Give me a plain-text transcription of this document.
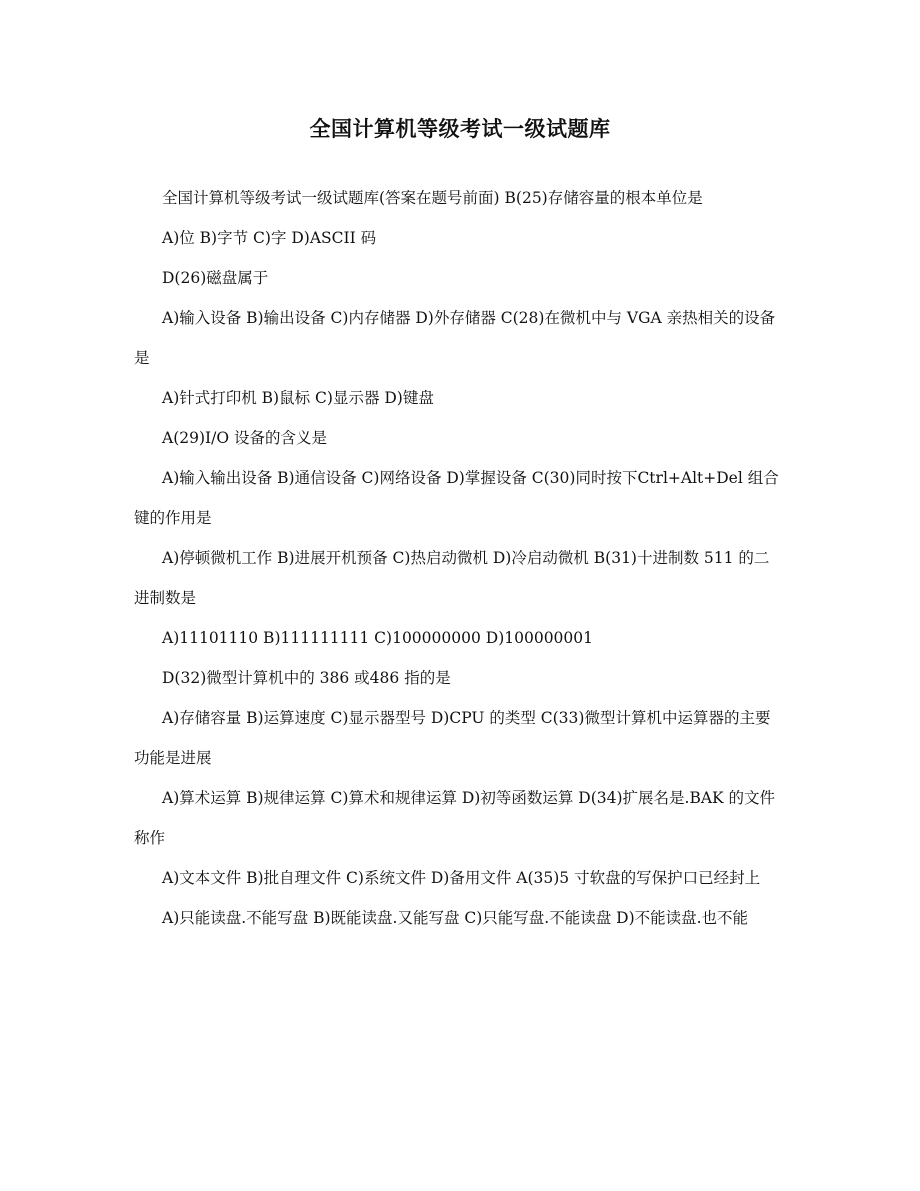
全国计算机等级考试一级试题库

全国计算机等级考试一级试题库(答案在题号前面) B(25)存储容量的根本单位是

A)位 B)字节 C)字 D)ASCII 码

D(26)磁盘属于

A)输入设备 B)输出设备 C)内存储器 D)外存储器 C(28)在微机中与 VGA 亲热相关的设备是

A)针式打印机 B)鼠标 C)显示器 D)键盘

A(29)I/O 设备的含义是

A)输入输出设备 B)通信设备 C)网络设备 D)掌握设备 C(30)同时按下Ctrl+Alt+Del 组合键的作用是

A)停顿微机工作 B)进展开机预备 C)热启动微机 D)冷启动微机 B(31)十进制数 511 的二进制数是

A)11101110 B)111111111 C)100000000 D)100000001

D(32)微型计算机中的 386 或486 指的是

A)存储容量 B)运算速度 C)显示器型号 D)CPU 的类型 C(33)微型计算机中运算器的主要功能是进展

A)算术运算 B)规律运算 C)算术和规律运算 D)初等函数运算 D(34)扩展名是.BAK 的文件称作

A)文本文件 B)批自理文件 C)系统文件 D)备用文件 A(35)5 寸软盘的写保护口已经封上

A)只能读盘.不能写盘 B)既能读盘.又能写盘 C)只能写盘.不能读盘 D)不能读盘.也不能
